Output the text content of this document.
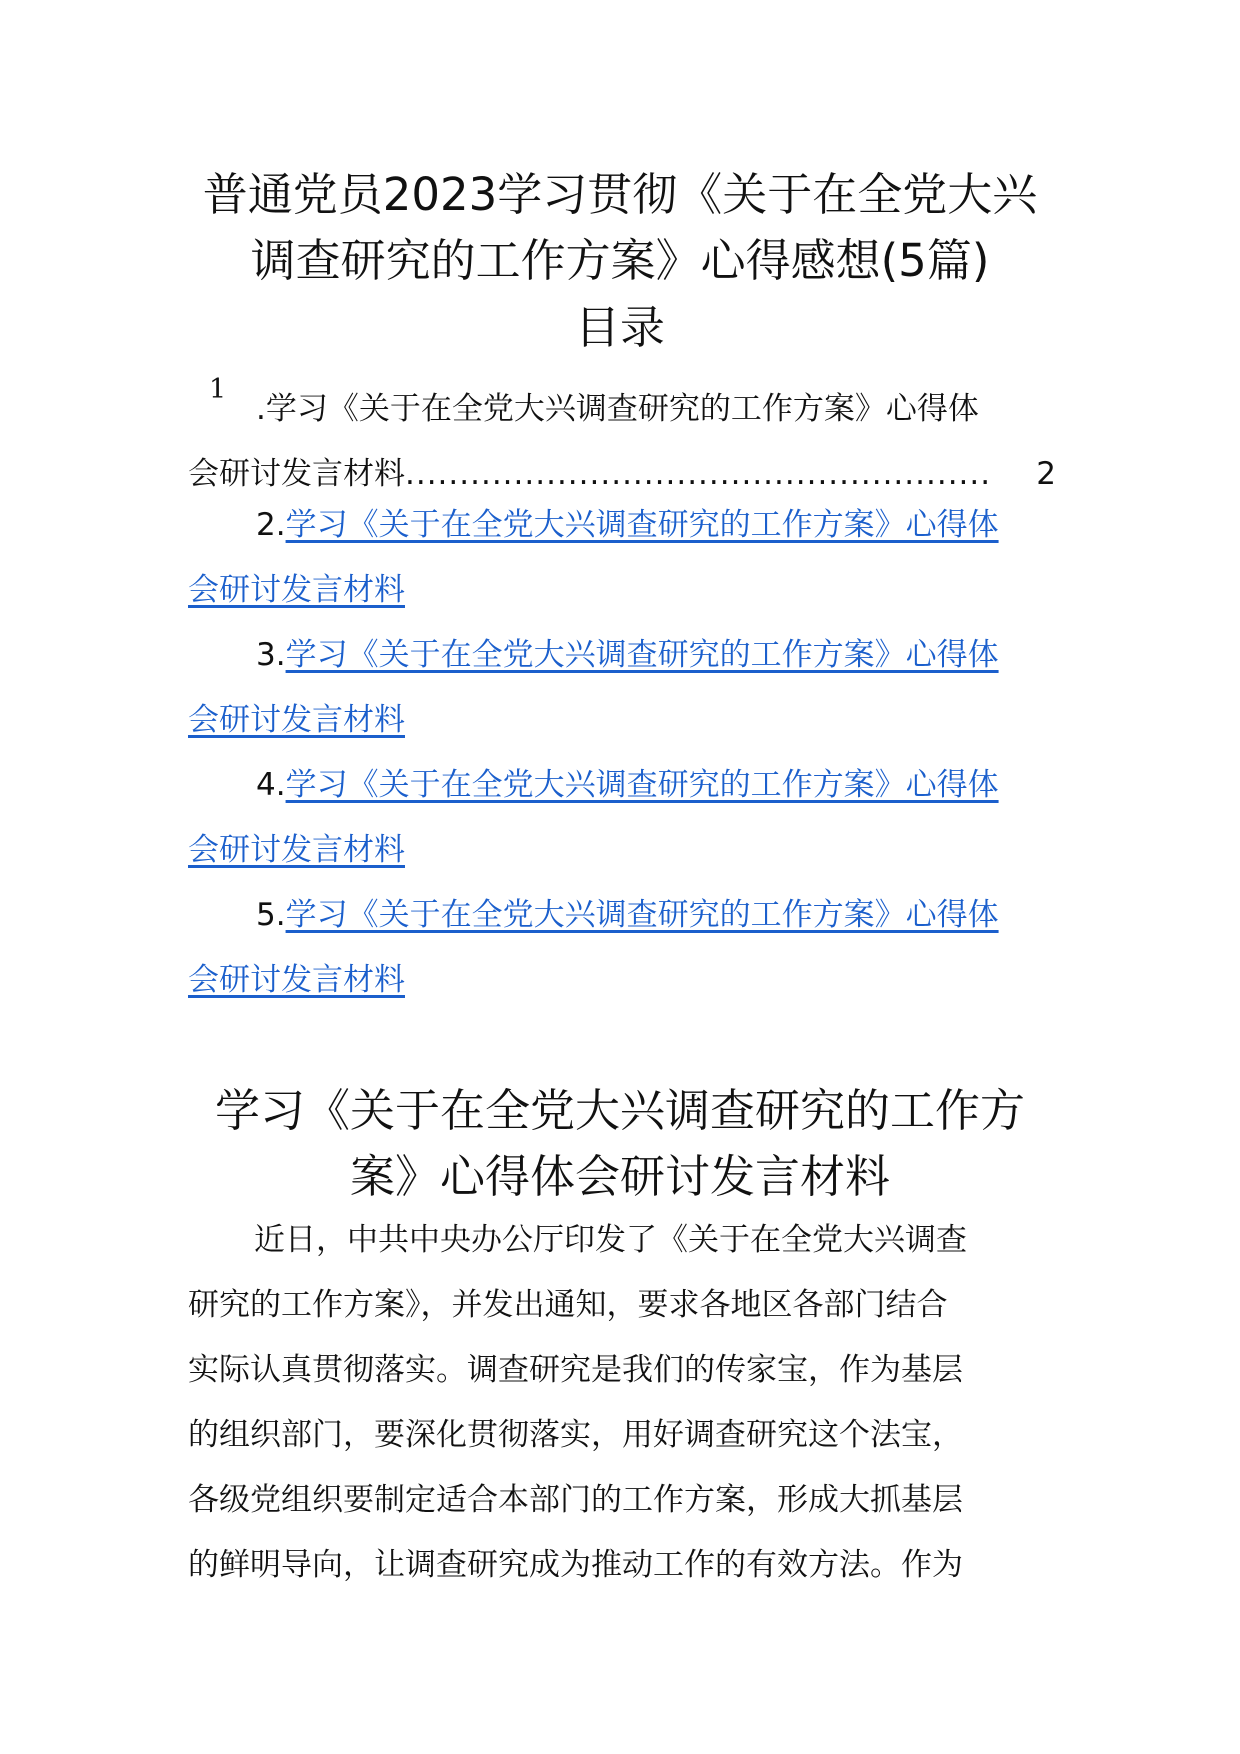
普通党员2023学习贯彻《关于在全党大兴
调查研究的工作方案》心得感想(5篇)
目录
1
.学习《关于在全党大兴调查研究的工作方案》心得体
会研讨发言材料 ......................................................	2
2.学习《关于在全党大兴调查研究的工作方案》心得体
会研讨发言材料
3.学习《关于在全党大兴调查研究的工作方案》心得体
会研讨发言材料
4.学习《关于在全党大兴调查研究的工作方案》心得体
会研讨发言材料
5.学习《关于在全党大兴调查研究的工作方案》心得体
会研讨发言材料
学习《关于在全党大兴调查研究的工作方
案》心得体会研讨发言材料
近日，中共中央办公厅印发了《关于在全党大兴调查
研究的工作方案》，并发出通知，要求各地区各部门结合
实际认真贯彻落实。调查研究是我们的传家宝，作为基层
的组织部门，要深化贯彻落实，用好调查研究这个法宝，
各级党组织要制定适合本部门的工作方案，形成大抓基层
的鲜明导向，让调查研究成为推动工作的有效方法。作为
